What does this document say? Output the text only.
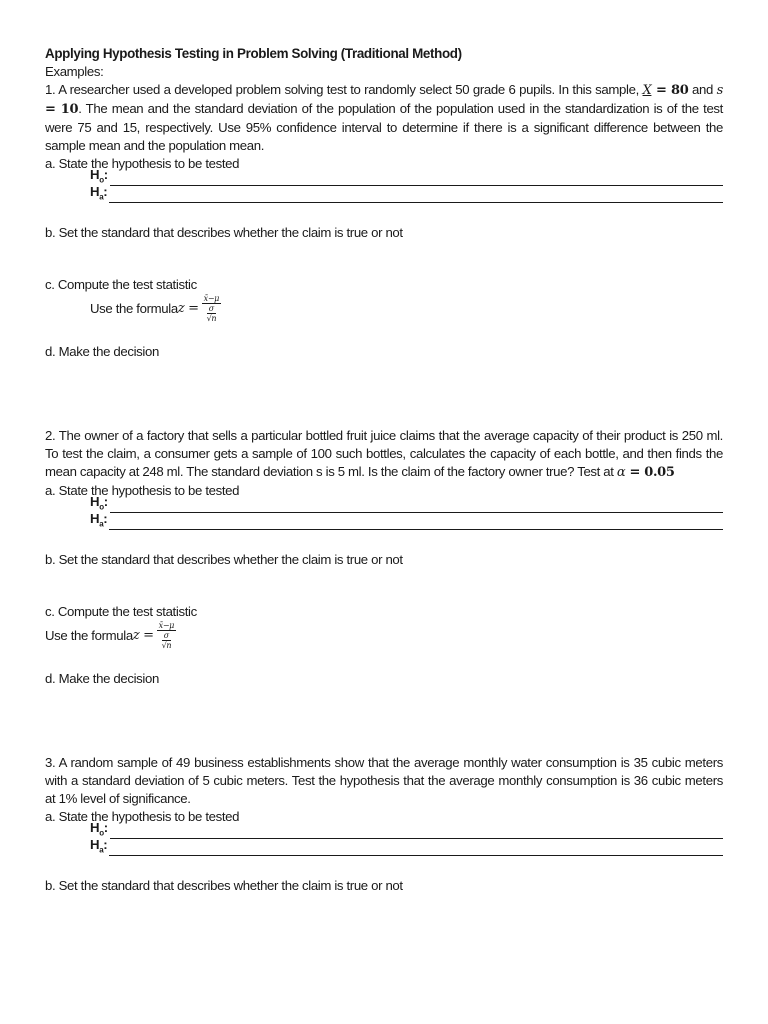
Applying Hypothesis Testing in Problem Solving (Traditional Method)

Examples:

1. A researcher used a developed problem solving test to randomly select 50 grade 6 pupils. In this sample, X = 80 and s = 10. The mean and the standard deviation of the population of the population used in the standardization is of the test were 75 and 15, respectively. Use 95% confidence interval to determine if there is a significant difference between the sample mean and the population mean.

a. State the hypothesis to be tested

$H_o$:
$H_a$:

b. Set the standard that describes whether the claim is true or not

c. Compute the test statistic

Use the formula z =
x̄−μ
σ
√n

d. Make the decision

2. The owner of a factory that sells a particular bottled fruit juice claims that the average capacity of their product is 250 ml. To test the claim, a consumer gets a sample of 100 such bottles, calculates the capacity of each bottle, and then finds the mean capacity at 248 ml. The standard deviation s is 5 ml. Is the claim of the factory owner true? Test at α = 0.05

a. State the hypothesis to be tested

$H_o$:
$H_a$:

b. Set the standard that describes whether the claim is true or not

c. Compute the test statistic

Use the formula z =
x̄−μ
σ
√n

d. Make the decision

3. A random sample of 49 business establishments show that the average monthly water consumption is 35 cubic meters with a standard deviation of 5 cubic meters. Test the hypothesis that the average monthly consumption is 36 cubic meters at 1% level of significance.

a. State the hypothesis to be tested

$H_o$:
$H_a$:

b. Set the standard that describes whether the claim is true or not
